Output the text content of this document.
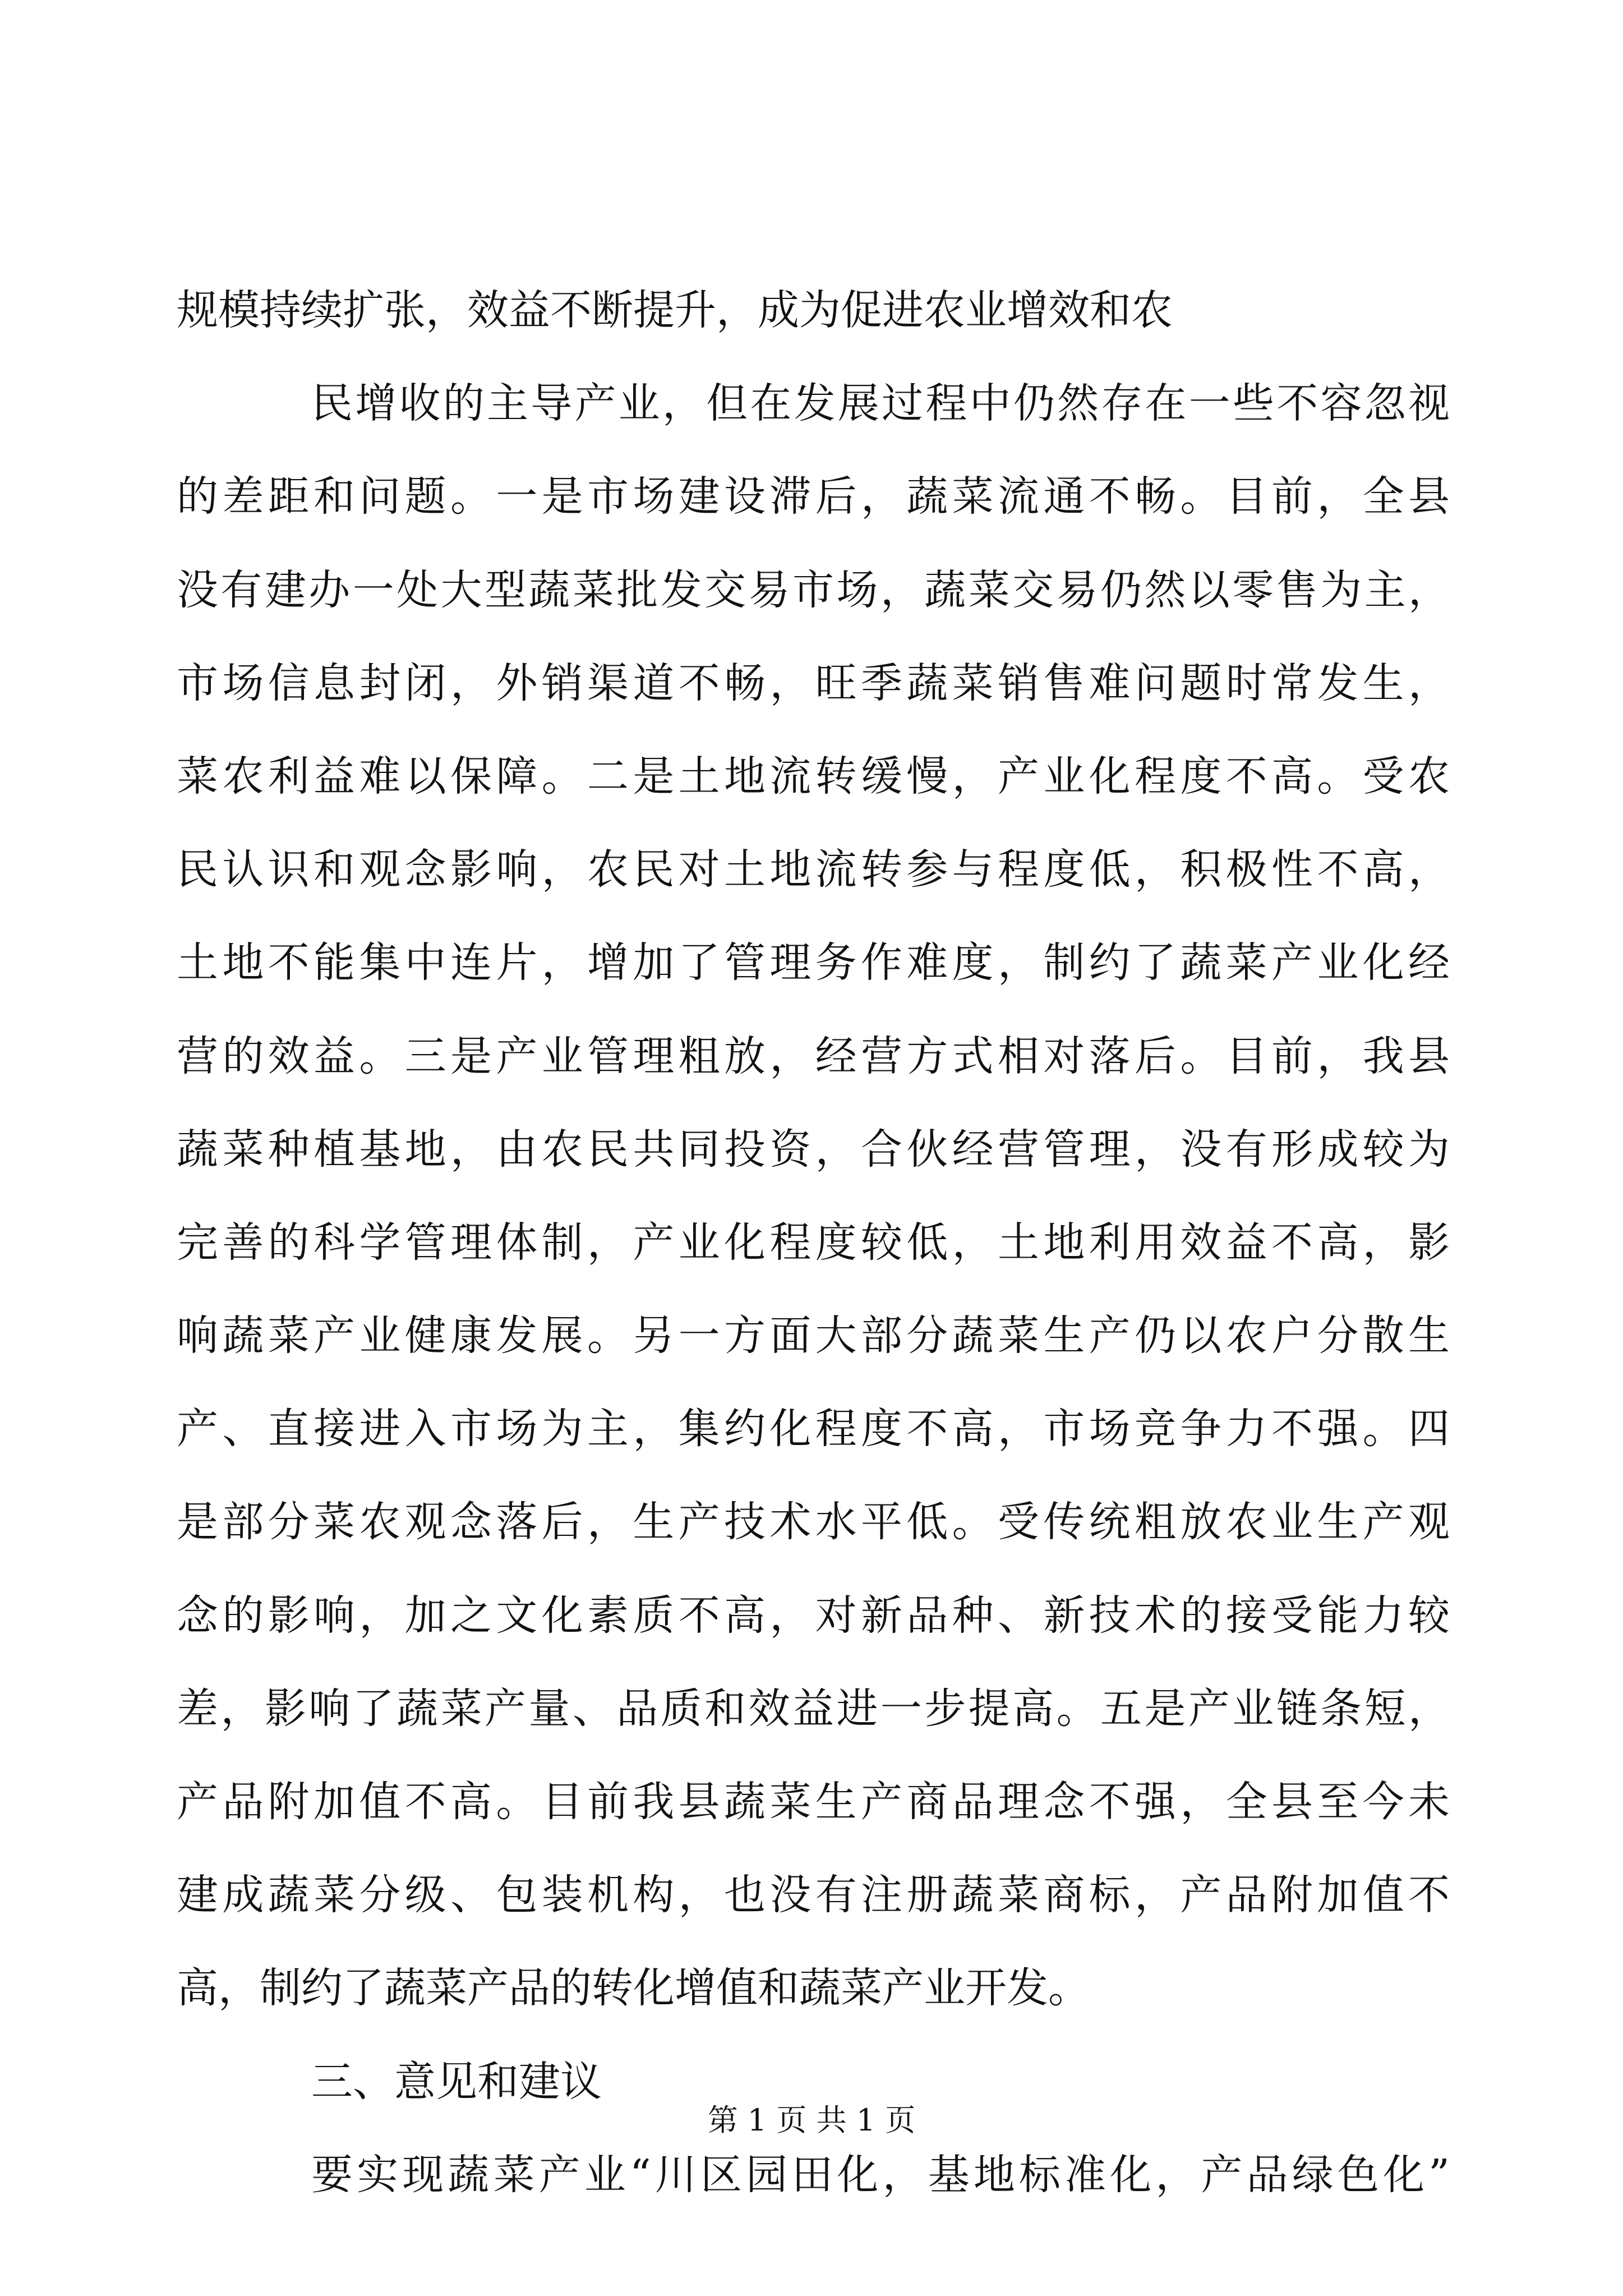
规模持续扩张，效益不断提升，成为促进农业增效和农
民增收的主导产业，但在发展过程中仍然存在一些不容忽视
的差距和问题。一是市场建设滞后，蔬菜流通不畅。目前，全县
没有建办一处大型蔬菜批发交易市场，蔬菜交易仍然以零售为主，
市场信息封闭，外销渠道不畅，旺季蔬菜销售难问题时常发生，
菜农利益难以保障。二是土地流转缓慢，产业化程度不高。受农
民认识和观念影响，农民对土地流转参与程度低，积极性不高，
土地不能集中连片，增加了管理务作难度，制约了蔬菜产业化经
营的效益。三是产业管理粗放，经营方式相对落后。目前，我县
蔬菜种植基地，由农民共同投资，合伙经营管理，没有形成较为
完善的科学管理体制，产业化程度较低，土地利用效益不高，影
响蔬菜产业健康发展。另一方面大部分蔬菜生产仍以农户分散生
产、直接进入市场为主，集约化程度不高，市场竞争力不强。四
是部分菜农观念落后，生产技术水平低。受传统粗放农业生产观
念的影响，加之文化素质不高，对新品种、新技术的接受能力较
差，影响了蔬菜产量、品质和效益进一步提高。五是产业链条短，
产品附加值不高。目前我县蔬菜生产商品理念不强，全县至今未
建成蔬菜分级、包装机构，也没有注册蔬菜商标，产品附加值不
高，制约了蔬菜产品的转化增值和蔬菜产业开发。
三、意见和建议
要实现蔬菜产业“川区园田化，基地标准化，产品绿色化”
第 1 页 共 1 页
